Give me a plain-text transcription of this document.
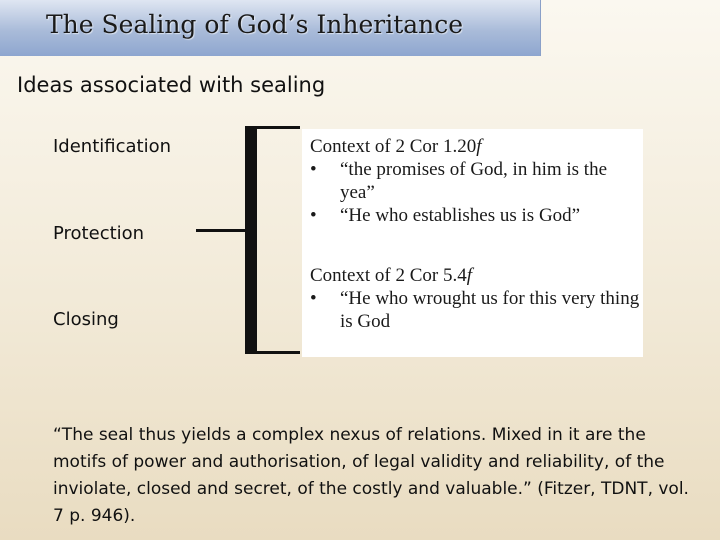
The Sealing of God’s Inheritance
Ideas associated with sealing
Identification
Protection
Closing
Context of 2 Cor 1.20f
• “the promises of God, in him is the yea”
• “He who establishes us is God”
Context of 2 Cor 5.4f
• “He who wrought us for this very thing is God
“The seal thus yields a complex nexus of relations. Mixed in it are the motifs of power and authorisation, of legal validity and reliability, of the inviolate, closed and secret, of the costly and valuable.” (Fitzer, TDNT, vol. 7 p. 946).
